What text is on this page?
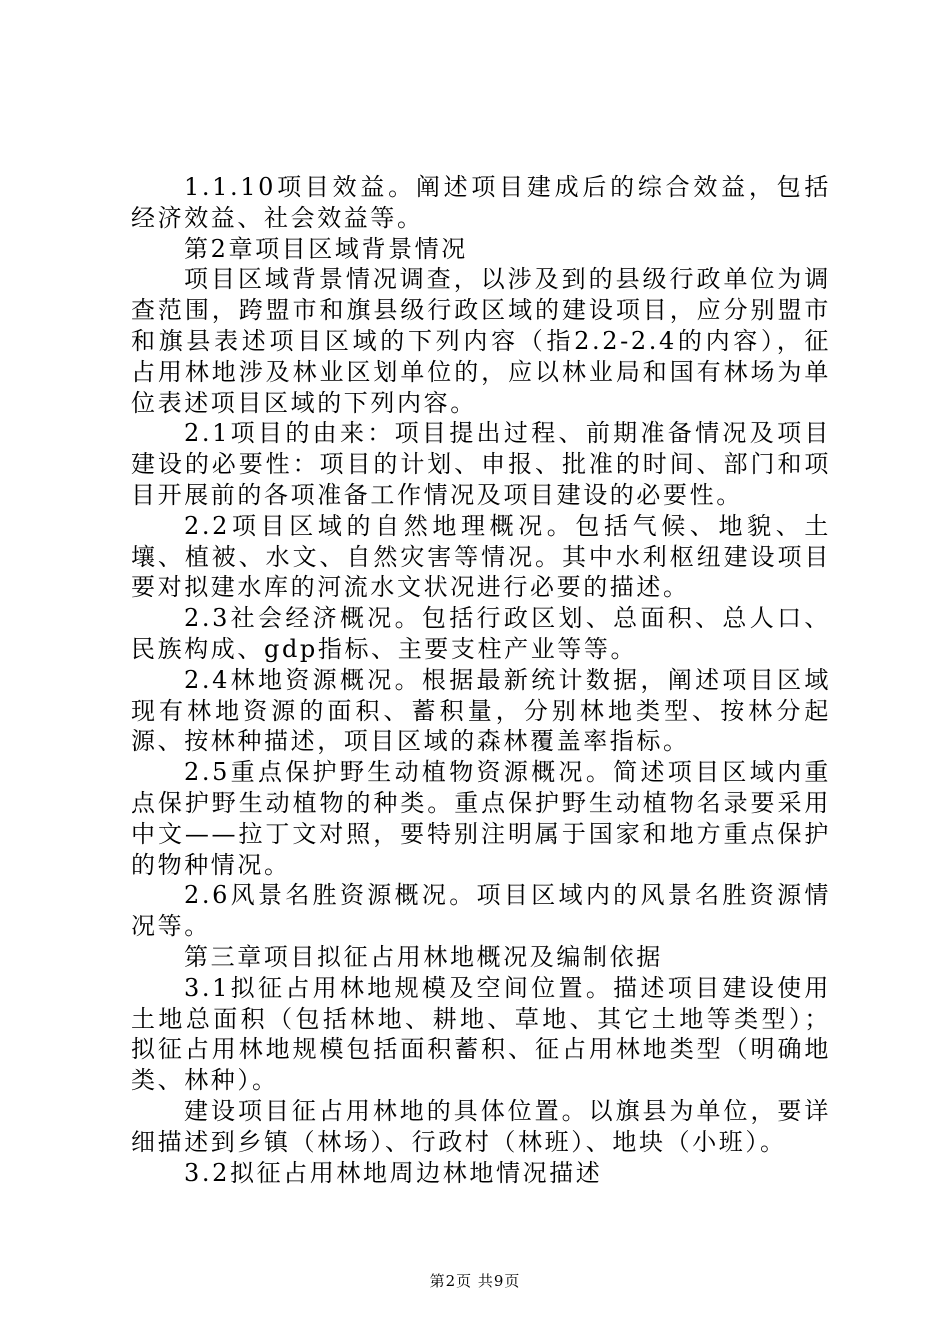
1.1.10项目效益。阐述项目建成后的综合效益，包括经济效益、社会效益等。

第2章项目区域背景情况

项目区域背景情况调查，以涉及到的县级行政单位为调查范围，跨盟市和旗县级行政区域的建设项目，应分别盟市和旗县表述项目区域的下列内容（指2.2-2.4的内容），征占用林地涉及林业区划单位的，应以林业局和国有林场为单位表述项目区域的下列内容。

2.1项目的由来：项目提出过程、前期准备情况及项目建设的必要性：项目的计划、申报、批准的时间、部门和项目开展前的各项准备工作情况及项目建设的必要性。

2.2项目区域的自然地理概况。包括气候、地貌、土壤、植被、水文、自然灾害等情况。其中水利枢纽建设项目要对拟建水库的河流水文状况进行必要的描述。

2.3社会经济概况。包括行政区划、总面积、总人口、民族构成、gdp指标、主要支柱产业等等。

2.4林地资源概况。根据最新统计数据，阐述项目区域现有林地资源的面积、蓄积量，分别林地类型、按林分起源、按林种描述，项目区域的森林覆盖率指标。

2.5重点保护野生动植物资源概况。简述项目区域内重点保护野生动植物的种类。重点保护野生动植物名录要采用中文——拉丁文对照，要特别注明属于国家和地方重点保护的物种情况。

2.6风景名胜资源概况。项目区域内的风景名胜资源情况等。

第三章项目拟征占用林地概况及编制依据

3.1拟征占用林地规模及空间位置。描述项目建设使用土地总面积（包括林地、耕地、草地、其它土地等类型）；拟征占用林地规模包括面积蓄积、征占用林地类型（明确地类、林种）。

建设项目征占用林地的具体位置。以旗县为单位，要详细描述到乡镇（林场）、行政村（林班）、地块（小班）。

3.2拟征占用林地周边林地情况描述

第2页 共9页
